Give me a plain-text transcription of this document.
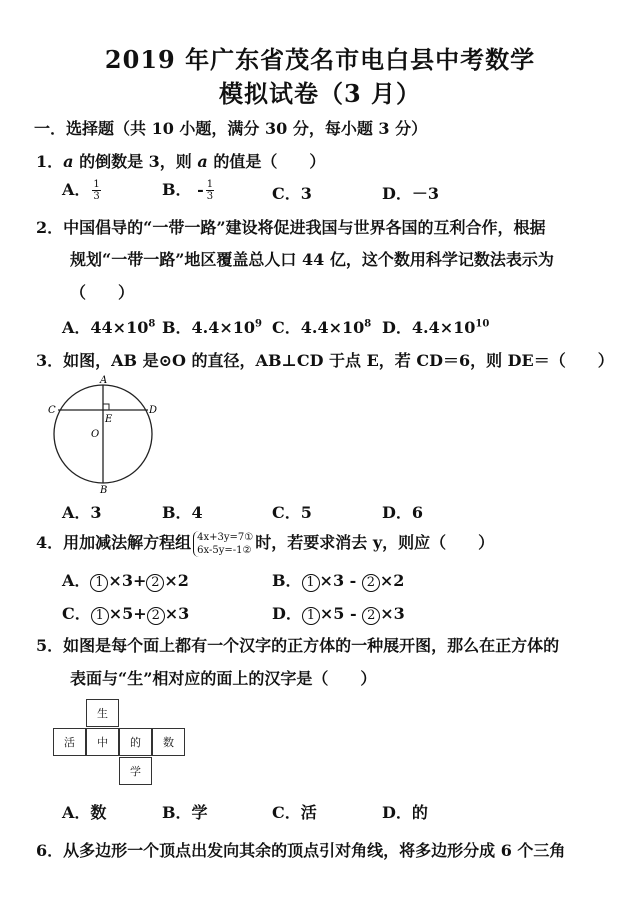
2019 年广东省茂名市电白县中考数学
模拟试卷（3 月）
一．选择题（共 10 小题，满分 30 分，每小题 3 分）
1．a 的倒数是 3，则 a 的值是（　　）
A． $\frac{1}{3}$	B． - $\frac{1}{3}$	C．3	D．－3
2．中国倡导的“一带一路”建设将促进我国与世界各国的互利合作，根据
规划“一带一路”地区覆盖总人口 44 亿，这个数用科学记数法表示为
（　　）
A．$44\times 10^8$ B．$4.4\times 10^9$ C．$4.4\times 10^8$ D．$4.4\times 10^{10}$
3．如图，AB 是⊙O 的直径，AB⊥CD 于点 E，若 CD＝6，则 DE＝（　　）
A
B
C	D
E
O
A．3	B．4	C．5	D．6
4．用加减法解方程组 4x+3y=7①
6x-5y=-1② 时，若要求消去 y，则应（　　）
A． 1 ×3+ 2 ×2	B． 1 ×3 - 2 ×2
C． 1 ×5+ 2 ×3	D． 1 ×5 - 2 ×3
5．如图是每个面上都有一个汉字的正方体的一种展开图，那么在正方体的
表面与“生”相对应的面上的汉字是（　　）
生
活	中	的	数
学
A．数	B．学	C．活	D．的
6．从多边形一个顶点出发向其余的顶点引对角线，将多边形分成 6 个三角
